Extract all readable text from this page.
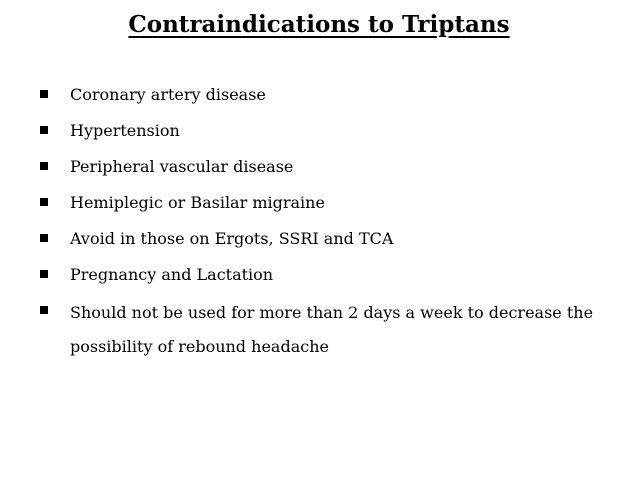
Contraindications to Triptans
Coronary artery disease
Hypertension
Peripheral vascular disease
Hemiplegic or Basilar migraine
Avoid in those on Ergots, SSRI and TCA
Pregnancy and Lactation
Should not be used for more than 2 days a week to decrease the possibility of rebound headache
